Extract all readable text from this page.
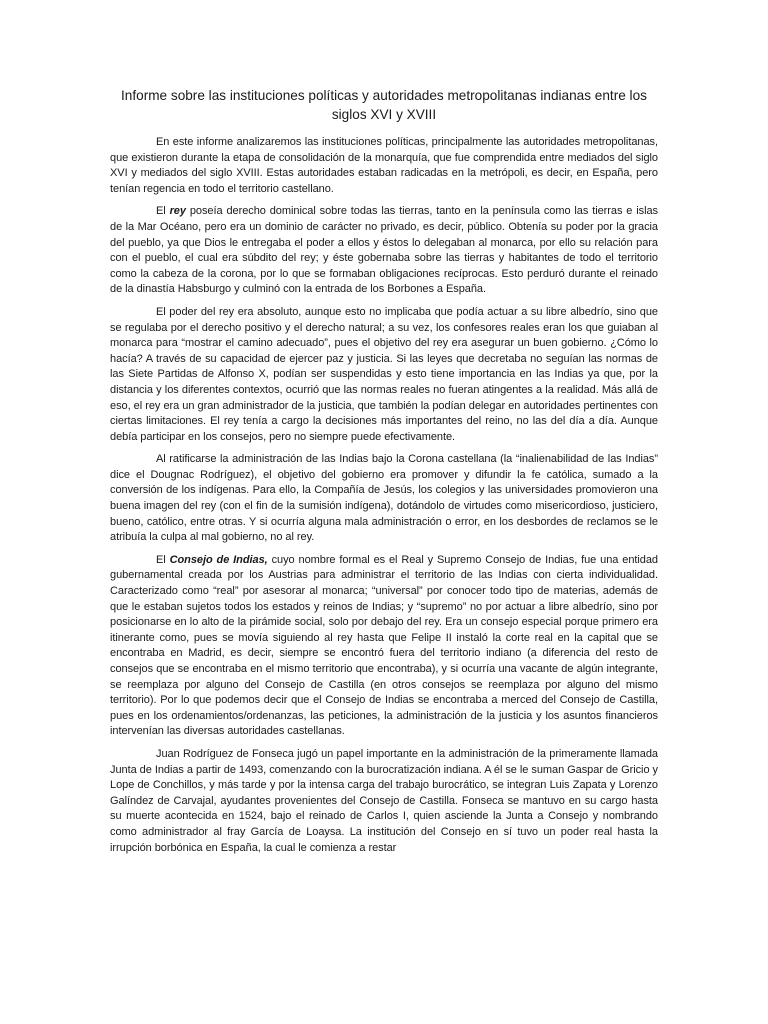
Informe sobre las instituciones políticas y autoridades metropolitanas indianas entre los siglos XVI y XVIII

En este informe analizaremos las instituciones políticas, principalmente las autoridades metropolitanas, que existieron durante la etapa de consolidación de la monarquía, que fue comprendida entre mediados del siglo XVI y mediados del siglo XVIII. Estas autoridades estaban radicadas en la metrópoli, es decir, en España, pero tenían regencia en todo el territorio castellano.

El rey poseía derecho dominical sobre todas las tierras, tanto en la península como las tierras e islas de la Mar Océano, pero era un dominio de carácter no privado, es decir, público. Obtenía su poder por la gracia del pueblo, ya que Dios le entregaba el poder a ellos y éstos lo delegaban al monarca, por ello su relación para con el pueblo, el cual era súbdito del rey; y éste gobernaba sobre las tierras y habitantes de todo el territorio como la cabeza de la corona, por lo que se formaban obligaciones recíprocas. Esto perduró durante el reinado de la dinastía Habsburgo y culminó con la entrada de los Borbones a España.

El poder del rey era absoluto, aunque esto no implicaba que podía actuar a su libre albedrío, sino que se regulaba por el derecho positivo y el derecho natural; a su vez, los confesores reales eran los que guiaban al monarca para “mostrar el camino adecuado”, pues el objetivo del rey era asegurar un buen gobierno. ¿Cómo lo hacía? A través de su capacidad de ejercer paz y justicia. Si las leyes que decretaba no seguían las normas de las Siete Partidas de Alfonso X, podían ser suspendidas y esto tiene importancia en las Indias ya que, por la distancia y los diferentes contextos, ocurrió que las normas reales no fueran atingentes a la realidad. Más allá de eso, el rey era un gran administrador de la justicia, que también la podían delegar en autoridades pertinentes con ciertas limitaciones. El rey tenía a cargo la decisiones más importantes del reino, no las del día a día. Aunque debía participar en los consejos, pero no siempre puede efectivamente.

Al ratificarse la administración de las Indias bajo la Corona castellana (la “inalienabilidad de las Indias” dice el Dougnac Rodríguez), el objetivo del gobierno era promover y difundir la fe católica, sumado a la conversión de los indígenas. Para ello, la Compañía de Jesús, los colegios y las universidades promovieron una buena imagen del rey (con el fin de la sumisión indígena), dotándolo de virtudes como misericordioso, justiciero, bueno, católico, entre otras. Y si ocurría alguna mala administración o error, en los desbordes de reclamos se le atribuía la culpa al mal gobierno, no al rey.

El Consejo de Indias, cuyo nombre formal es el Real y Supremo Consejo de Indias, fue una entidad gubernamental creada por los Austrias para administrar el territorio de las Indias con cierta individualidad. Caracterizado como “real” por asesorar al monarca; “universal” por conocer todo tipo de materias, además de que le estaban sujetos todos los estados y reinos de Indias; y “supremo” no por actuar a libre albedrío, sino por posicionarse en lo alto de la pirámide social, solo por debajo del rey. Era un consejo especial porque primero era itinerante como, pues se movía siguiendo al rey hasta que Felipe II instaló la corte real en la capital que se encontraba en Madrid, es decir, siempre se encontró fuera del territorio indiano (a diferencia del resto de consejos que se encontraba en el mismo territorio que encontraba), y si ocurría una vacante de algún integrante, se reemplaza por alguno del Consejo de Castilla (en otros consejos se reemplaza por alguno del mismo territorio). Por lo que podemos decir que el Consejo de Indias se encontraba a merced del Consejo de Castilla, pues en los ordenamientos/ordenanzas, las peticiones, la administración de la justicia y los asuntos financieros intervenían las diversas autoridades castellanas.

Juan Rodríguez de Fonseca jugó un papel importante en la administración de la primeramente llamada Junta de Indias a partir de 1493, comenzando con la burocratización indiana. A él se le suman Gaspar de Gricio y Lope de Conchillos, y más tarde y por la intensa carga del trabajo burocrático, se integran Luis Zapata y Lorenzo Galíndez de Carvajal, ayudantes provenientes del Consejo de Castilla. Fonseca se mantuvo en su cargo hasta su muerte acontecida en 1524, bajo el reinado de Carlos I, quien asciende la Junta a Consejo y nombrando como administrador al fray García de Loaysa. La institución del Consejo en sí tuvo un poder real hasta la irrupción borbónica en España, la cual le comienza a restar
